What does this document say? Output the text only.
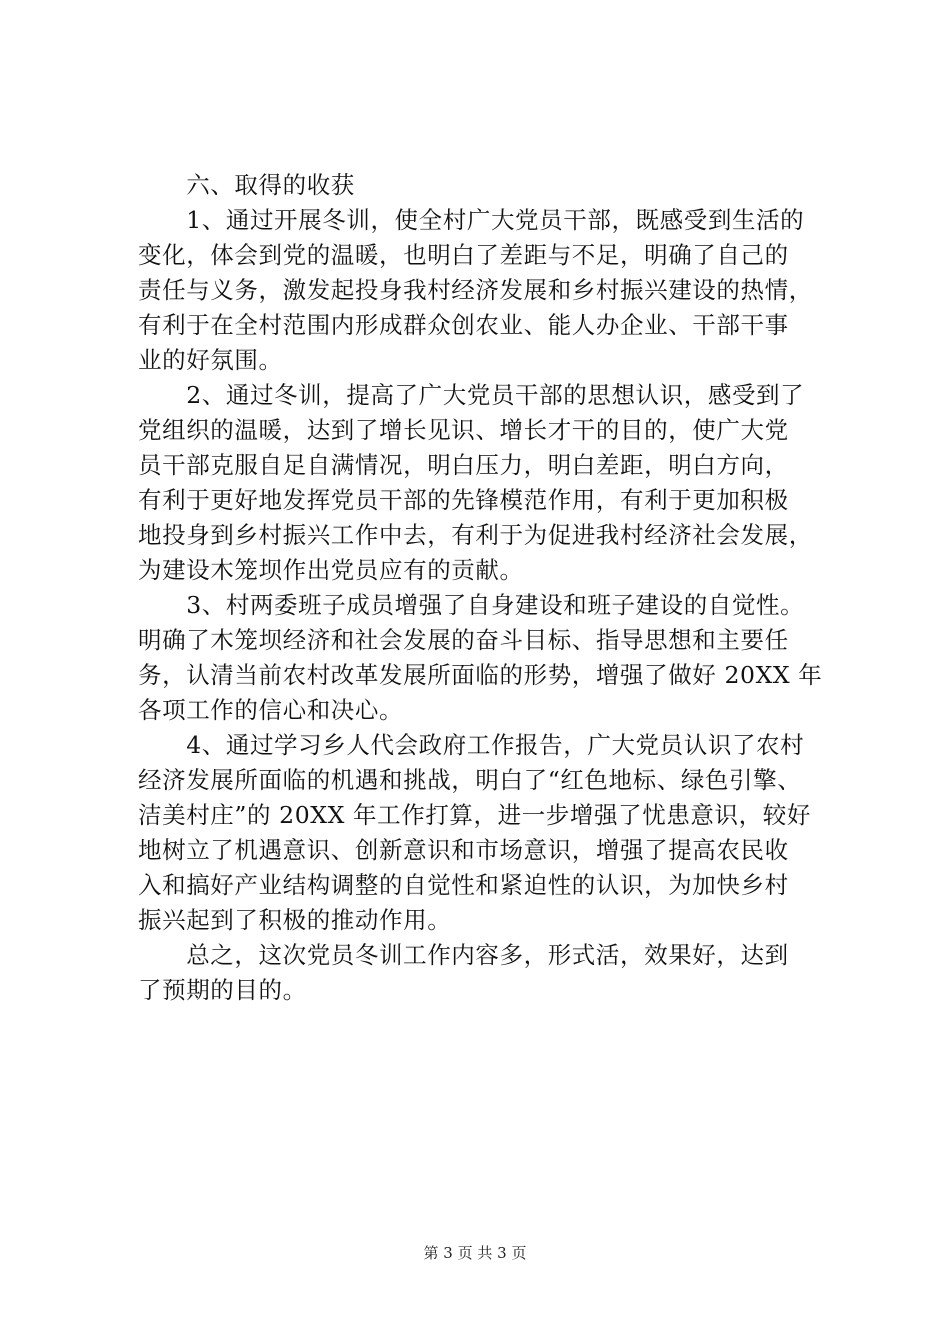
　　六、取得的收获
　　1、通过开展冬训，使全村广大党员干部，既感受到生活的
变化，体会到党的温暖，也明白了差距与不足，明确了自己的
责任与义务，激发起投身我村经济发展和乡村振兴建设的热情，
有利于在全村范围内形成群众创农业、能人办企业、干部干事
业的好氛围。
　　2、通过冬训，提高了广大党员干部的思想认识，感受到了
党组织的温暖，达到了增长见识、增长才干的目的，使广大党
员干部克服自足自满情况，明白压力，明白差距，明白方向，
有利于更好地发挥党员干部的先锋模范作用，有利于更加积极
地投身到乡村振兴工作中去，有利于为促进我村经济社会发展，
为建设木笼坝作出党员应有的贡献。
　　3、村两委班子成员增强了自身建设和班子建设的自觉性。
明确了木笼坝经济和社会发展的奋斗目标、指导思想和主要任
务，认清当前农村改革发展所面临的形势，增强了做好 20XX 年
各项工作的信心和决心。
　　4、通过学习乡人代会政府工作报告，广大党员认识了农村
经济发展所面临的机遇和挑战，明白了“红色地标、绿色引擎、
洁美村庄”的 20XX 年工作打算，进一步增强了忧患意识，较好
地树立了机遇意识、创新意识和市场意识，增强了提高农民收
入和搞好产业结构调整的自觉性和紧迫性的认识，为加快乡村
振兴起到了积极的推动作用。
　　总之，这次党员冬训工作内容多，形式活，效果好，达到
了预期的目的。
第 3 页 共 3 页
